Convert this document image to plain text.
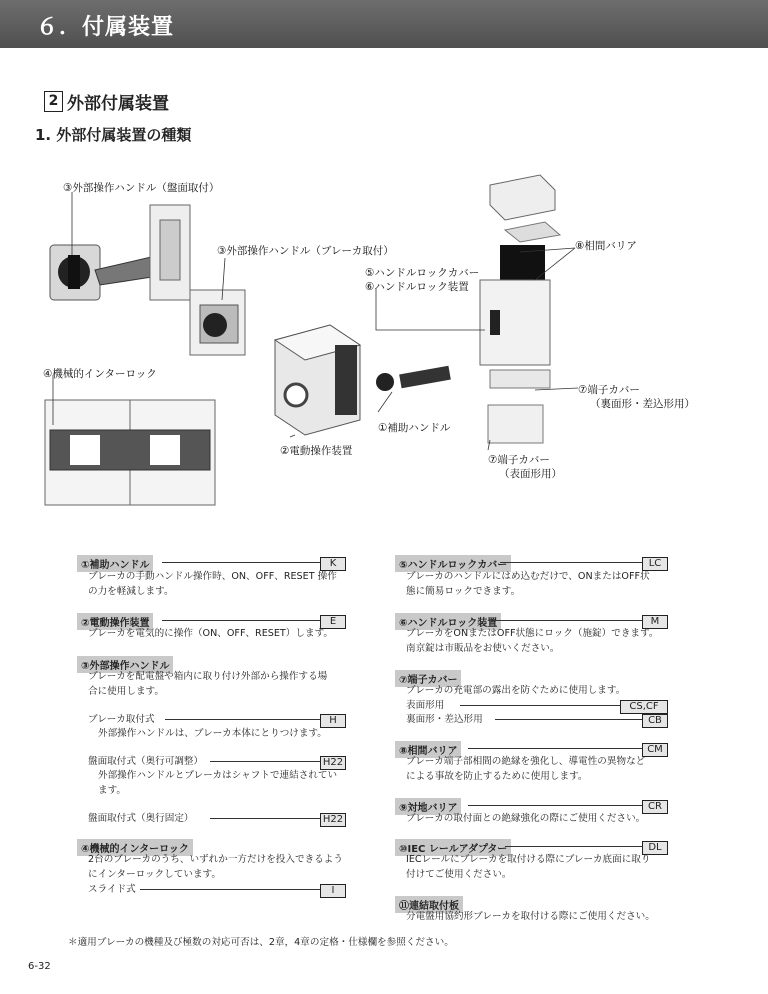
６．付属装置
2 外部付属装置
1. 外部付属装置の種類
③外部操作ハンドル（盤面取付）
③外部操作ハンドル（ブレーカ取付）
⑤ハンドルロックカバー
⑥ハンドルロック装置
⑧相間バリア
④機械的インターロック
⑦端子カバー
（裏面形・差込形用）
①補助ハンドル
②電動操作装置
⑦端子カバー
（表面形用）
①補助ハンドル	K
ブレーカの手動ハンドル操作時、ON、OFF、RESET 操作
の力を軽減します。
②電動操作装置	E
ブレーカを電気的に操作（ON、OFF、RESET）します。
③外部操作ハンドル
ブレーカを配電盤や箱内に取り付け外部から操作する場
合に使用します。
ブレーカ取付式	H
外部操作ハンドルは、ブレーカ本体にとりつけます。
盤面取付式（奥行可調整）	H22
外部操作ハンドルとブレーカはシャフトで連結されてい
ます。
盤面取付式（奥行固定）	H22
④機械的インターロック
2台のブレーカのうち、いずれか一方だけを投入できるよう
にインターロックしています。
スライド式	I
⑤ハンドルロックカバー	LC
ブレーカのハンドルにはめ込むだけで、ONまたはOFF状
態に簡易ロックできます。
⑥ハンドルロック装置	M
ブレーカをONまたはOFF状態にロック（施錠）できます。
南京錠は市販品をお使いください。
⑦端子カバー
ブレーカの充電部の露出を防ぐために使用します。
表面形用	CS,CF
裏面形・差込形用	CB
⑧相間バリア	CM
ブレーカ端子部相間の絶縁を強化し、導電性の異物など
による事故を防止するために使用します。
⑨対地バリア	CR
ブレーカの取付面との絶縁強化の際にご使用ください。
⑩IEC レールアダプター	DL
IECレールにブレーカを取付ける際にブレーカ底面に取り
付けてご使用ください。
⑪連結取付板
分電盤用協約形ブレーカを取付ける際にご使用ください。
＊適用ブレーカの機種及び極数の対応可否は、2章，4章の定格・仕様欄を参照ください。
6-32
